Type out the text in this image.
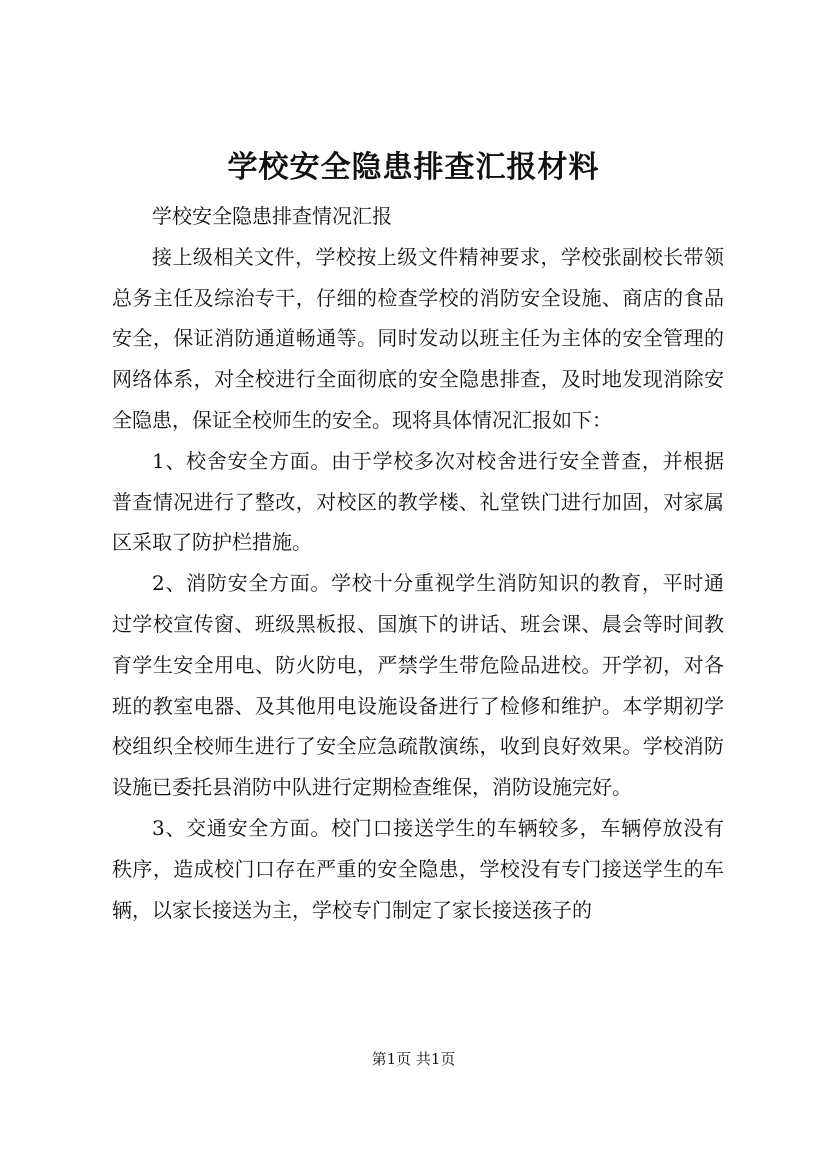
学校安全隐患排查汇报材料

学校安全隐患排查情况汇报

接上级相关文件，学校按上级文件精神要求，学校张副校长带领总务主任及综治专干，仔细的检查学校的消防安全设施、商店的食品安全，保证消防通道畅通等。同时发动以班主任为主体的安全管理的网络体系，对全校进行全面彻底的安全隐患排查，及时地发现消除安全隐患，保证全校师生的安全。现将具体情况汇报如下：

1、校舍安全方面。由于学校多次对校舍进行安全普查，并根据普查情况进行了整改，对校区的教学楼、礼堂铁门进行加固，对家属区采取了防护栏措施。

2、消防安全方面。学校十分重视学生消防知识的教育，平时通过学校宣传窗、班级黑板报、国旗下的讲话、班会课、晨会等时间教育学生安全用电、防火防电，严禁学生带危险品进校。开学初，对各班的教室电器、及其他用电设施设备进行了检修和维护。本学期初学校组织全校师生进行了安全应急疏散演练，收到良好效果。学校消防设施已委托县消防中队进行定期检查维保，消防设施完好。

3、交通安全方面。校门口接送学生的车辆较多，车辆停放没有秩序，造成校门口存在严重的安全隐患，学校没有专门接送学生的车辆，以家长接送为主，学校专门制定了家长接送孩子的

第1页 共1页
